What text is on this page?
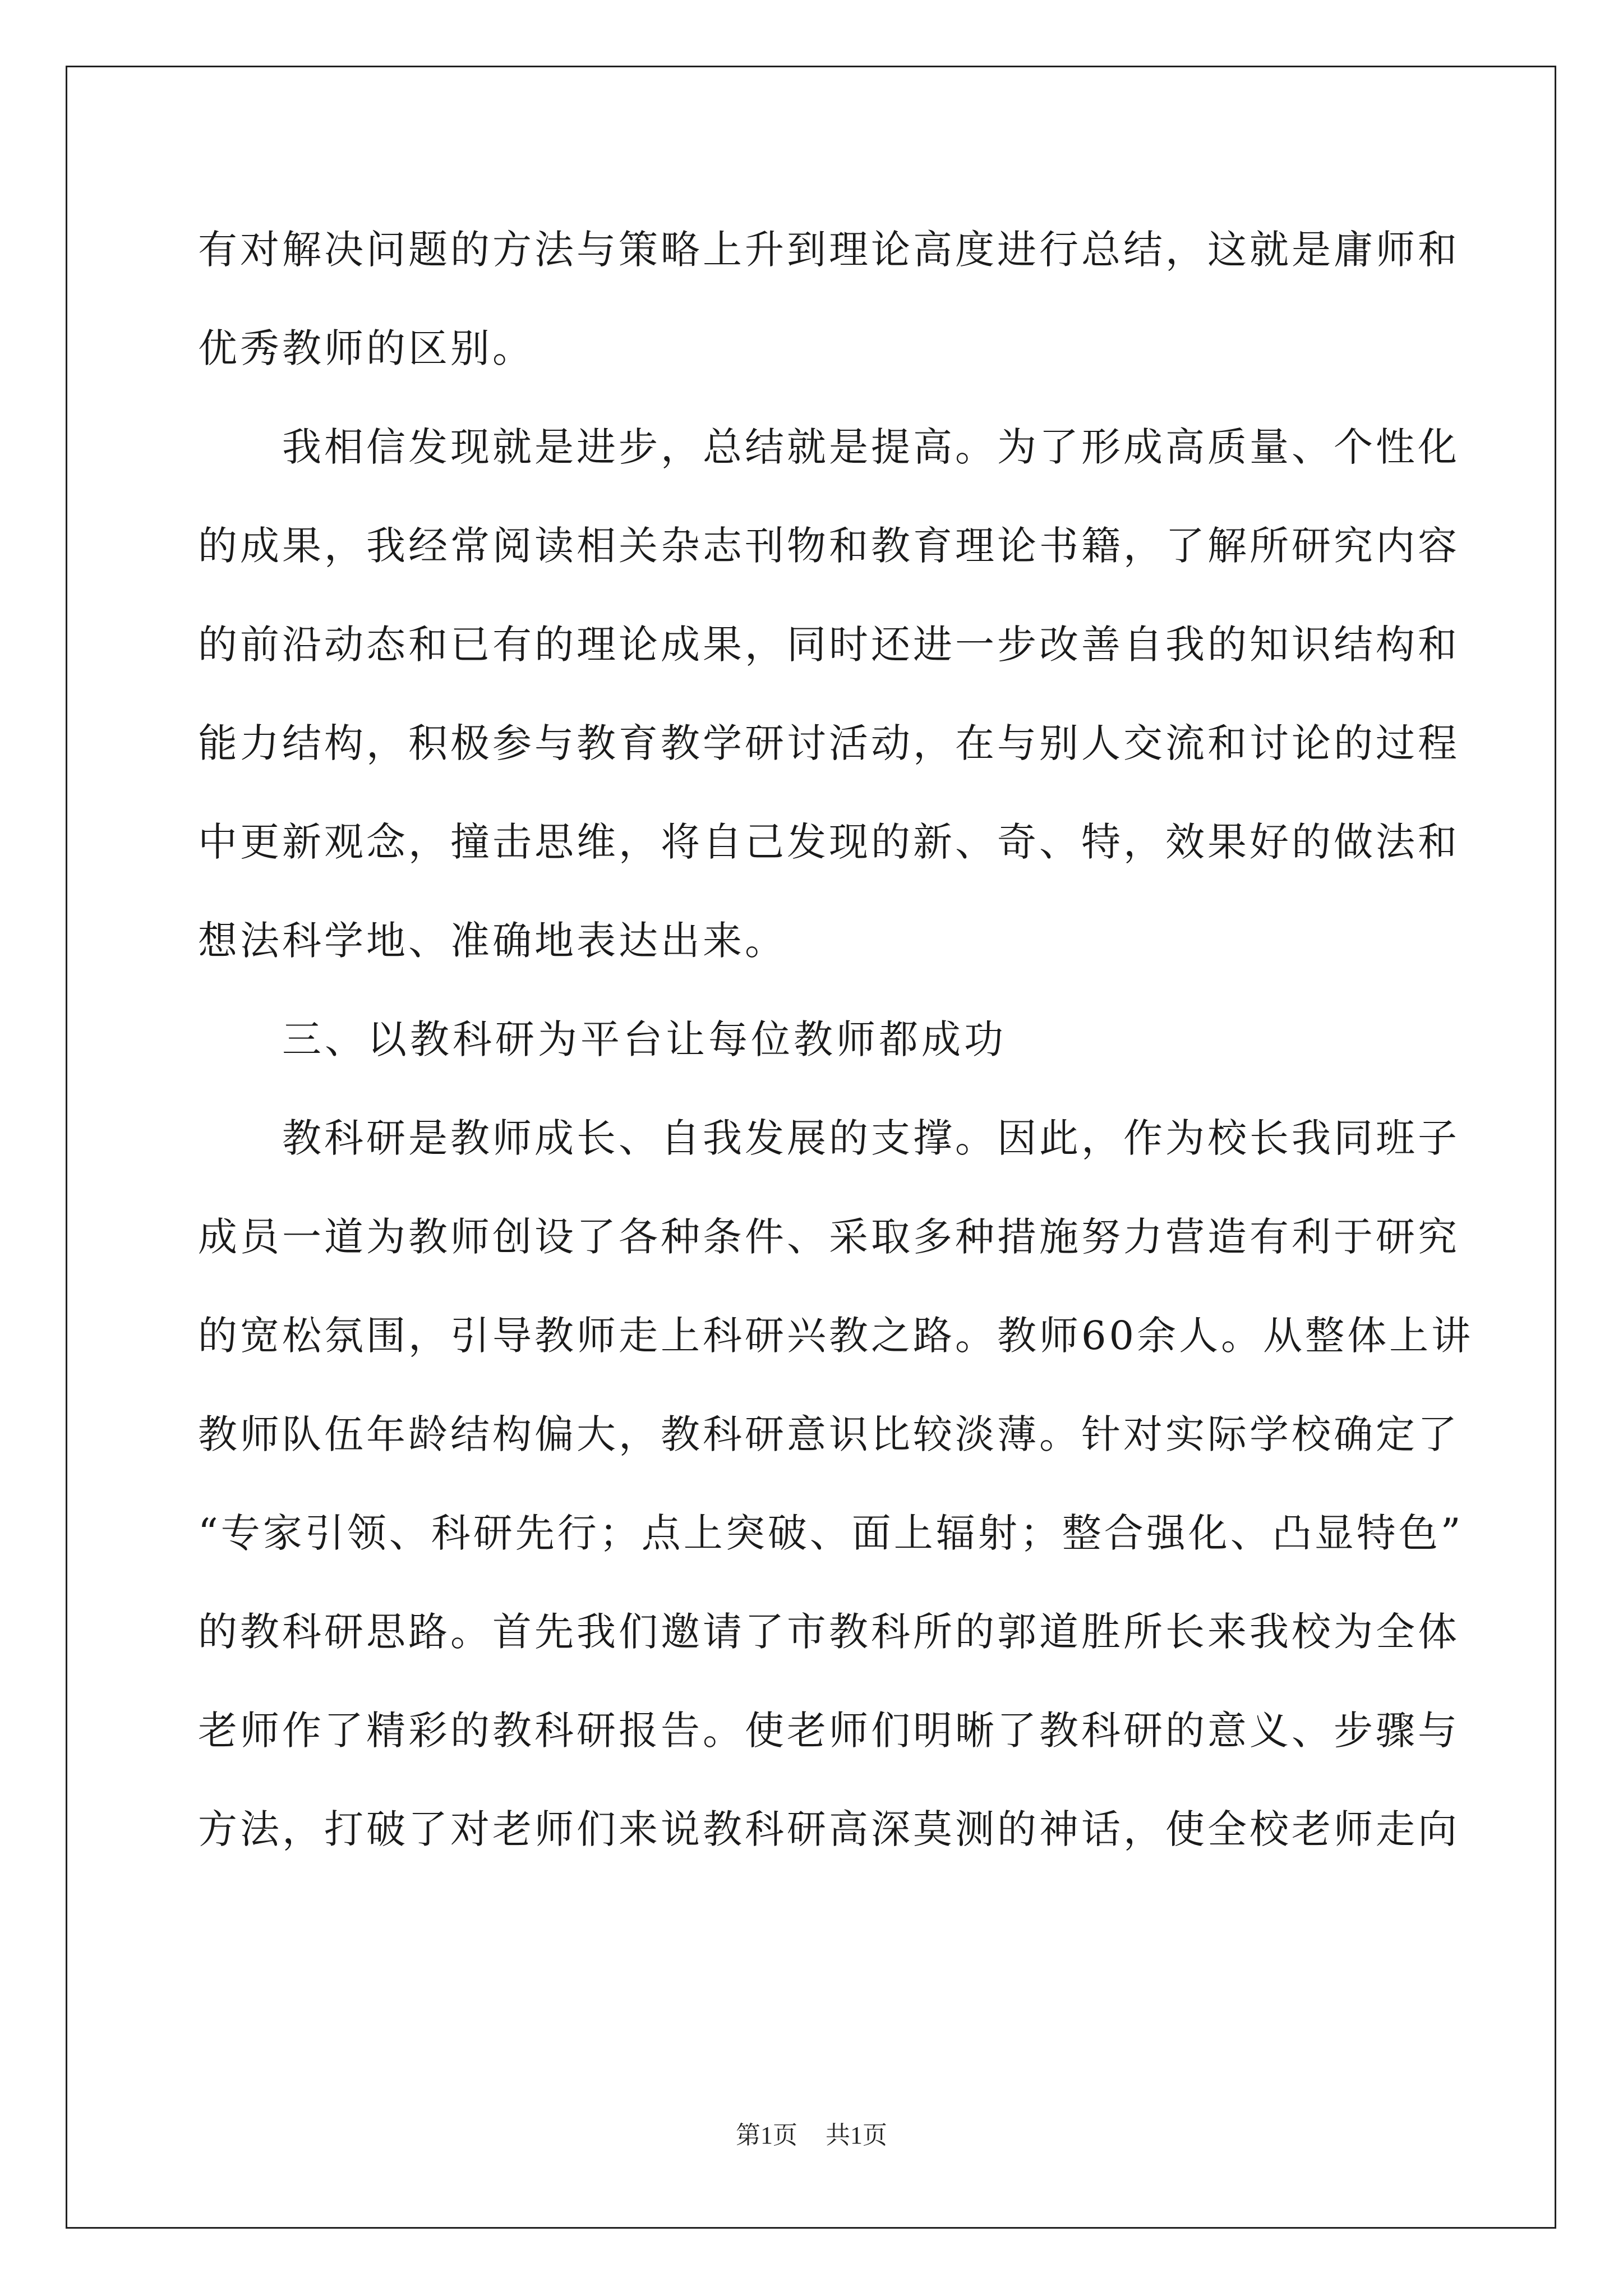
有对解决问题的方法与策略上升到理论高度进行总结，这就是庸师和
优秀教师的区别。
我相信发现就是进步，总结就是提高。为了形成高质量、个性化
的成果，我经常阅读相关杂志刊物和教育理论书籍，了解所研究内容
的前沿动态和已有的理论成果，同时还进一步改善自我的知识结构和
能力结构，积极参与教育教学研讨活动，在与别人交流和讨论的过程
中更新观念，撞击思维，将自己发现的新、奇、特，效果好的做法和
想法科学地、准确地表达出来。
三、以教科研为平台让每位教师都成功
教科研是教师成长、自我发展的支撑。因此，作为校长我同班子
成员一道为教师创设了各种条件、采取多种措施努力营造有利于研究
的宽松氛围，引导教师走上科研兴教之路。教师60余人。从整体上讲
教师队伍年龄结构偏大，教科研意识比较淡薄。针对实际学校确定了
“专家引领、科研先行；点上突破、面上辐射；整合强化、凸显特色”
的教科研思路。首先我们邀请了市教科所的郭道胜所长来我校为全体
老师作了精彩的教科研报告。使老师们明晰了教科研的意义、步骤与
方法，打破了对老师们来说教科研高深莫测的神话，使全校老师走向
第1页 共1页
